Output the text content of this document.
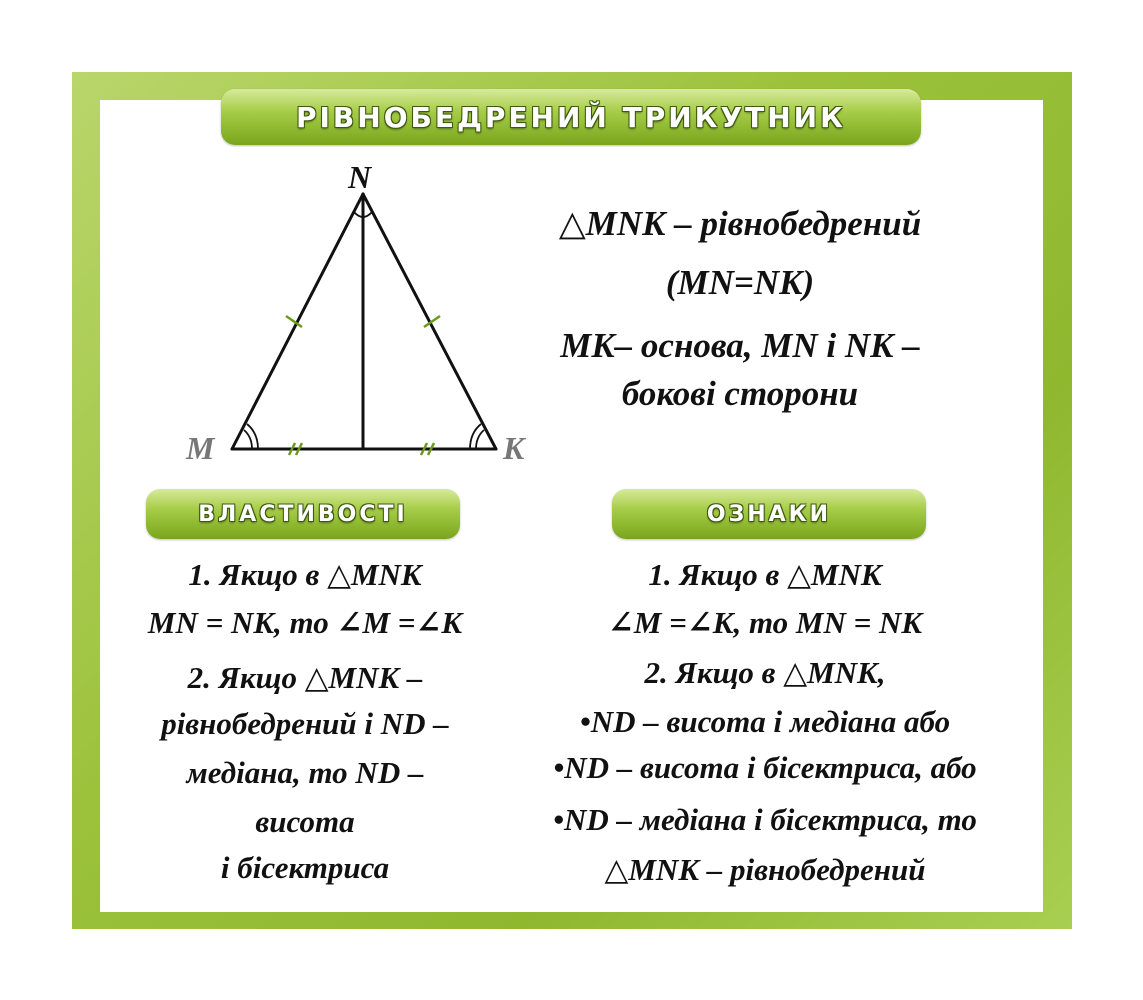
РІВНОБЕДРЕНИЙ ТРИКУТНИК
N
M	K
△MNK – рівнобедрений
(MN=NK)
MK– основа, MN і NK –
бокові сторони
ВЛАСТИВОСТІ	ОЗНАКИ
1. Якщо в △MNK
MN = NK, то ∠M =∠K
2. Якщо △MNK –
рівнобедрений і ND –
медіана, то ND –
висота
і бісектриса
1. Якщо в △MNK
∠M =∠K, то MN = NK
2. Якщо в △MNK,
•ND – висота і медіана або
•ND – висота і бісектриса, або
•ND – медіана і бісектриса, то
△MNK – рівнобедрений
